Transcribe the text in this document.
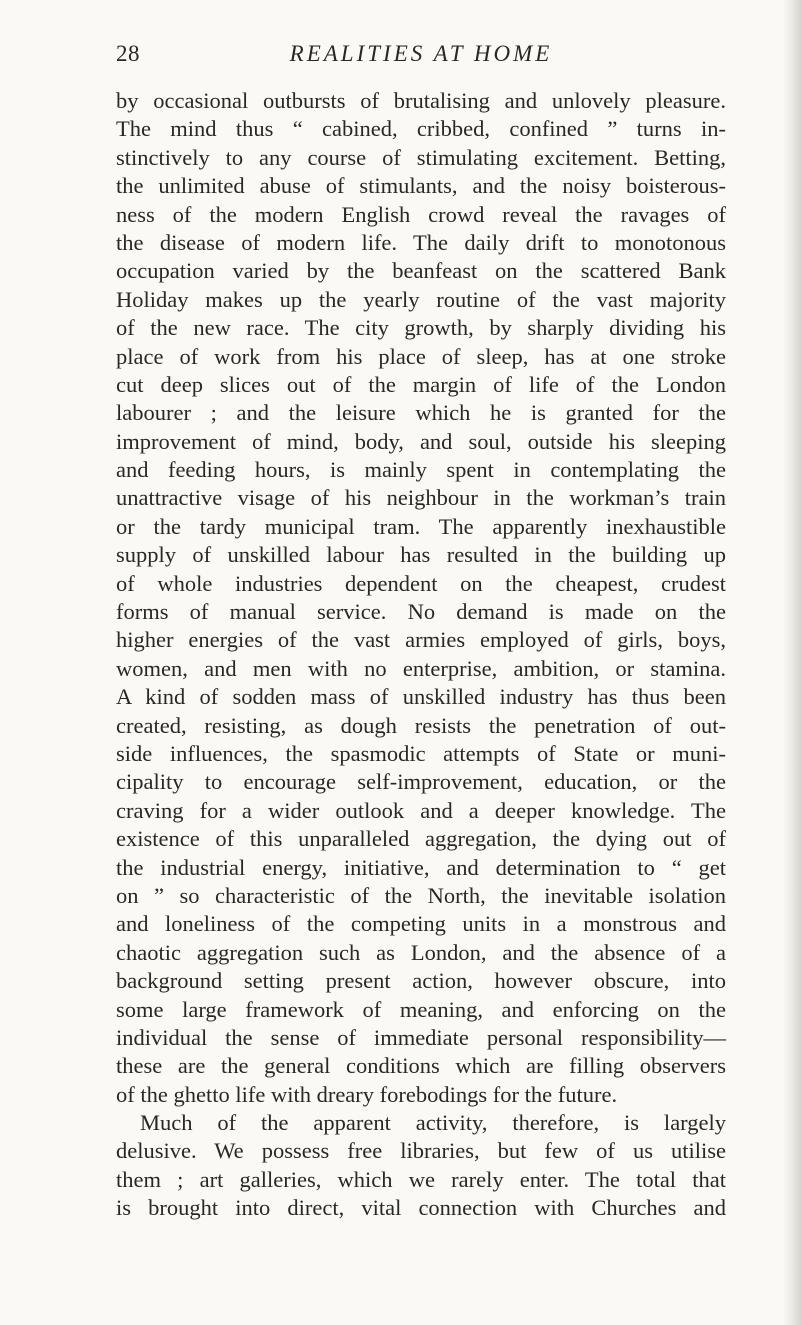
28	REALITIES AT HOME
by occasional outbursts of brutalising and unlovely pleasure.
The mind thus “ cabined, cribbed, confined ” turns in-
stinctively to any course of stimulating excitement. Betting,
the unlimited abuse of stimulants, and the noisy boisterous-
ness of the modern English crowd reveal the ravages of
the disease of modern life. The daily drift to monotonous
occupation varied by the beanfeast on the scattered Bank
Holiday makes up the yearly routine of the vast majority
of the new race. The city growth, by sharply dividing his
place of work from his place of sleep, has at one stroke
cut deep slices out of the margin of life of the London
labourer ; and the leisure which he is granted for the
improvement of mind, body, and soul, outside his sleeping
and feeding hours, is mainly spent in contemplating the
unattractive visage of his neighbour in the workman’s train
or the tardy municipal tram. The apparently inexhaustible
supply of unskilled labour has resulted in the building up
of whole industries dependent on the cheapest, crudest
forms of manual service. No demand is made on the
higher energies of the vast armies employed of girls, boys,
women, and men with no enterprise, ambition, or stamina.
A kind of sodden mass of unskilled industry has thus been
created, resisting, as dough resists the penetration of out-
side influences, the spasmodic attempts of State or muni-
cipality to encourage self-improvement, education, or the
craving for a wider outlook and a deeper knowledge. The
existence of this unparalleled aggregation, the dying out of
the industrial energy, initiative, and determination to “ get
on ” so characteristic of the North, the inevitable isolation
and loneliness of the competing units in a monstrous and
chaotic aggregation such as London, and the absence of a
background setting present action, however obscure, into
some large framework of meaning, and enforcing on the
individual the sense of immediate personal responsibility—
these are the general conditions which are filling observers
of the ghetto life with dreary forebodings for the future.
Much of the apparent activity, therefore, is largely
delusive. We possess free libraries, but few of us utilise
them ; art galleries, which we rarely enter. The total that
is brought into direct, vital connection with Churches and
